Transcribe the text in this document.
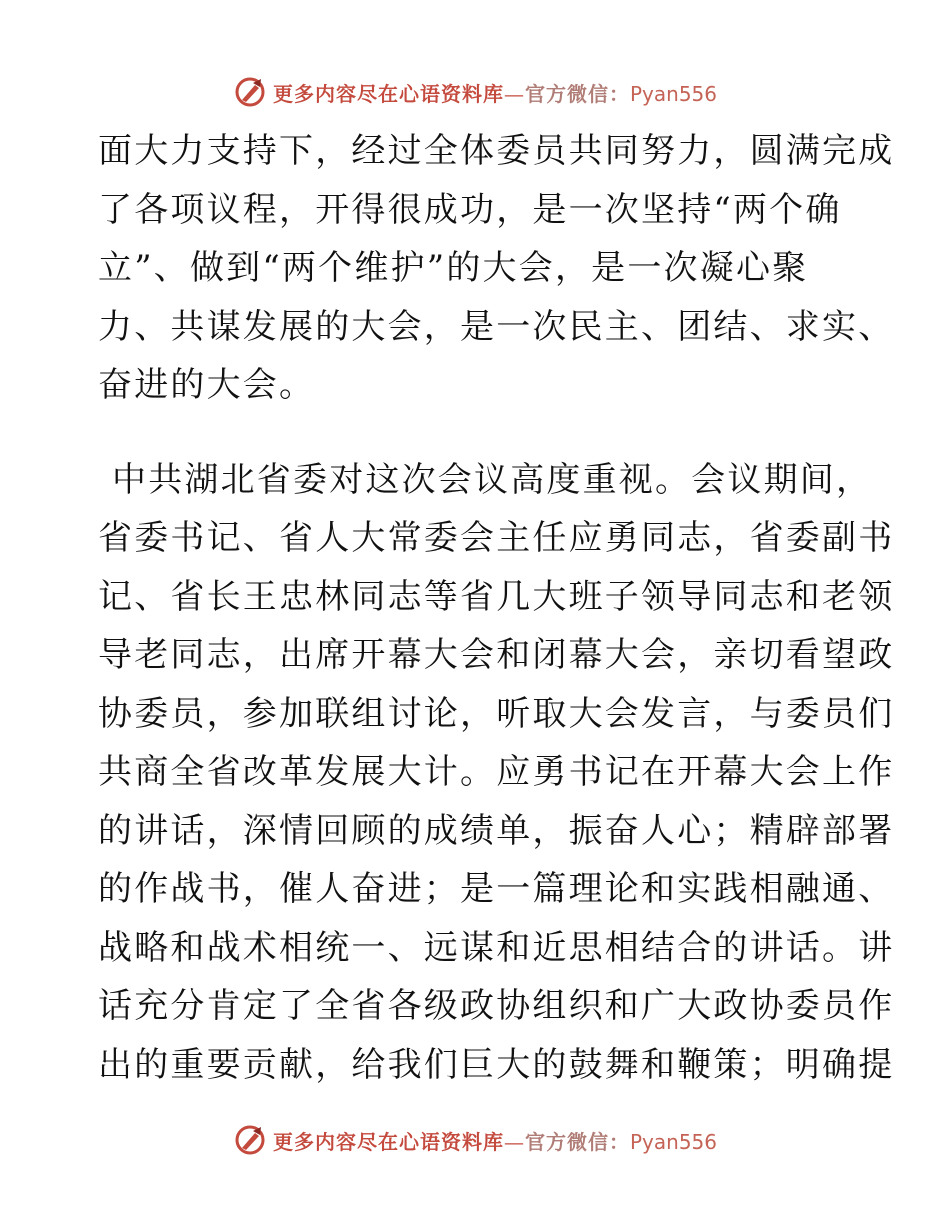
更多内容尽在心语资料库—官方微信：Pyan556
面大力支持下，经过全体委员共同努力，圆满完成
了各项议程，开得很成功，是一次坚持“两个确
立”、做到“两个维护”的大会，是一次凝心聚
力、共谋发展的大会，是一次民主、团结、求实、
奋进的大会。
中共湖北省委对这次会议高度重视。会议期间，
省委书记、省人大常委会主任应勇同志，省委副书
记、省长王忠林同志等省几大班子领导同志和老领
导老同志，出席开幕大会和闭幕大会，亲切看望政
协委员，参加联组讨论，听取大会发言，与委员们
共商全省改革发展大计。应勇书记在开幕大会上作
的讲话，深情回顾的成绩单，振奋人心；精辟部署
的作战书，催人奋进；是一篇理论和实践相融通、
战略和战术相统一、远谋和近思相结合的讲话。讲
话充分肯定了全省各级政协组织和广大政协委员作
出的重要贡献，给我们巨大的鼓舞和鞭策；明确提
更多内容尽在心语资料库—官方微信：Pyan556
